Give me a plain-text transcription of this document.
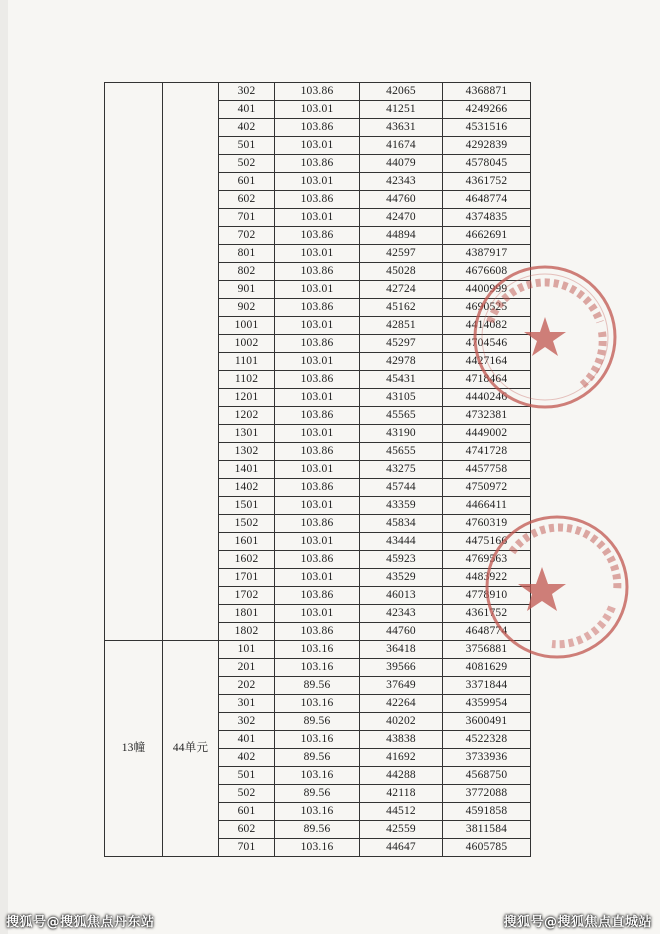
		302	103.86	42065	4368871
		401	103.01	41251	4249266
		402	103.86	43631	4531516
		501	103.01	41674	4292839
		502	103.86	44079	4578045
		601	103.01	42343	4361752
		602	103.86	44760	4648774
		701	103.01	42470	4374835
		702	103.86	44894	4662691
		801	103.01	42597	4387917
		802	103.86	45028	4676608
		901	103.01	42724	4400999
		902	103.86	45162	4690525
		1001	103.01	42851	4414082
		1002	103.86	45297	4704546
		1101	103.01	42978	4427164
		1102	103.86	45431	4718464
		1201	103.01	43105	4440246
		1202	103.86	45565	4732381
		1301	103.01	43190	4449002
		1302	103.86	45655	4741728
		1401	103.01	43275	4457758
		1402	103.86	45744	4750972
		1501	103.01	43359	4466411
		1502	103.86	45834	4760319
		1601	103.01	43444	4475166
		1602	103.86	45923	4769563
		1701	103.01	43529	4483922
		1702	103.86	46013	4778910
		1801	103.01	42343	4361752
		1802	103.86	44760	4648774
13幢	44单元	101	103.16	36418	3756881
		201	103.16	39566	4081629
		202	89.56	37649	3371844
		301	103.16	42264	4359954
		302	89.56	40202	3600491
		401	103.16	43838	4522328
		402	89.56	41692	3733936
		501	103.16	44288	4568750
		502	89.56	42118	3772088
		601	103.16	44512	4591858
		602	89.56	42559	3811584
		701	103.16	44647	4605785
搜狐号@搜狐焦点丹东站	搜狐号@搜狐焦点直城站
